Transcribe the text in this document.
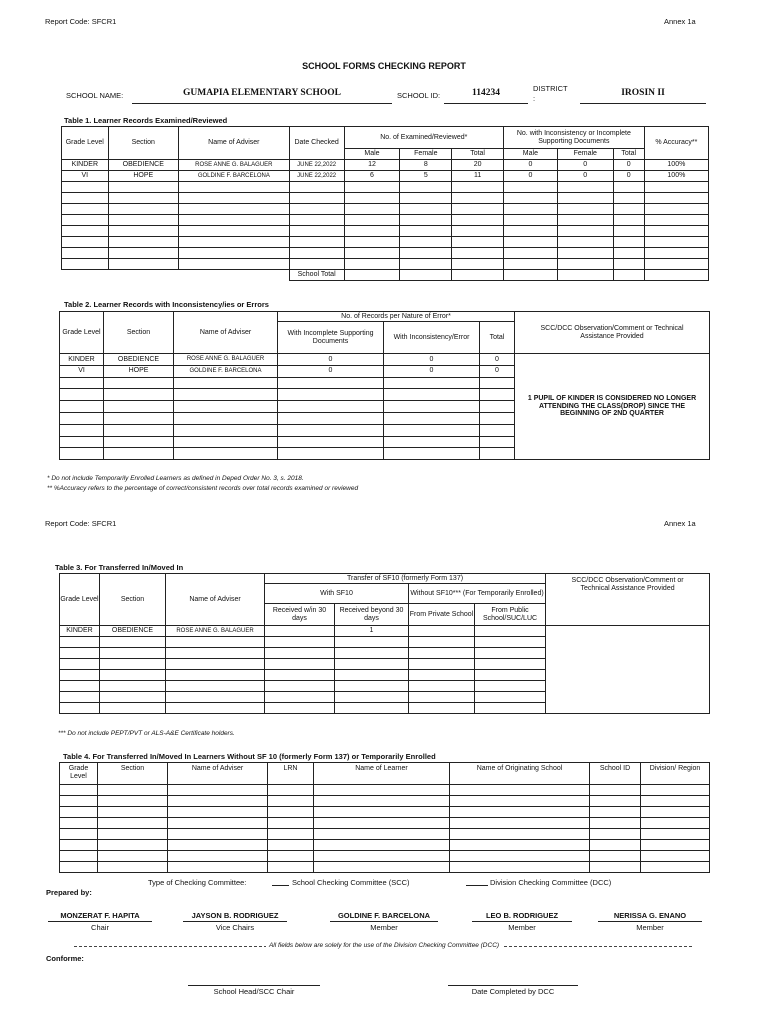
Report Code: SFCR1	Annex 1a
SCHOOL FORMS CHECKING REPORT
SCHOOL NAME:	GUMAPIA ELEMENTARY SCHOOL	SCHOOL ID:	114234	DISTRICT
:
IROSIN II
Table 1. Learner Records Examined/Reviewed
Grade Level	Section	Name of Adviser	Date Checked	No. of Examined/Reviewed*			No. with Inconsistency or Incomplete Supporting Documents			% Accuracy**
				Male	Female	Total	Male	Female	Total	
KINDER	OBEDIENCE	ROSE ANNE G. BALAGUER	JUNE 22,2022	12	8	20	0	0	0	100%
VI	HOPE	GOLDINE F. BARCELONA	JUNE 22,2022	6	5	11	0	0	0	100%

			School Total							
Table 2. Learner Records with Inconsistency/ies or Errors
Grade Level	Section	Name of Adviser	No. of Records per Nature of Error*			SCC/DCC Observation/Comment or Technical Assistance Provided
			With Incomplete Supporting Documents	With Inconsistency/Error	Total	
KINDER	OBEDIENCE	ROSE ANNE G. BALAGUER	0	0	0	1 PUPIL OF KINDER IS CONSIDERED NO LONGER ATTENDING THE CLASS(DROP) SINCE THE BEGINNING OF 2ND QUARTER
VI	HOPE	GOLDINE F. BARCELONA	0	0	0	

* Do not include Temporarily Enrolled Learners as defined in Deped Order No. 3, s. 2018.
** %Accuracy refers to the percentage of correct/consistent records over total records examined or reviewed
Report Code: SFCR1	Annex 1a
Table 3. For Transferred In/Moved In
Grade Level	Section	Name of Adviser	Transfer of SF10 (formerly Form 137)				SCC/DCC Observation/Comment or Technical Assistance Provided
			With SF10		Without SF10*** (For Temporarily Enrolled)		
			Received w/in 30 days	Received beyond 30 days	From Private School	From Public School/SUC/LUC	
KINDER	OBEDIENCE	ROSE ANNE G. BALAGUER		1			

*** Do not include PEPT/PVT or ALS-A&E Certificate holders.
Table 4. For Transferred In/Moved In Learners Without SF 10 (formerly Form 137) or Temporarily Enrolled
Grade Level	Section	Name of Adviser	LRN	Name of Learner	Name of Originating School	School ID	Division/ Region

Type of Checking Committee:	School Checking Committee (SCC)	Division Checking Committee (DCC)
Prepared by:
MONZERAT F. HAPITA
Chair
JAYSON B. RODRIGUEZ
Vice Chairs
GOLDINE F. BARCELONA
Member
LEO B. RODRIGUEZ
Member
NERISSA G. ENANO
Member
All fields below are solely for the use of the Division Checking Committee (DCC)
Conforme:
School Head/SCC Chair	Date Completed by DCC
